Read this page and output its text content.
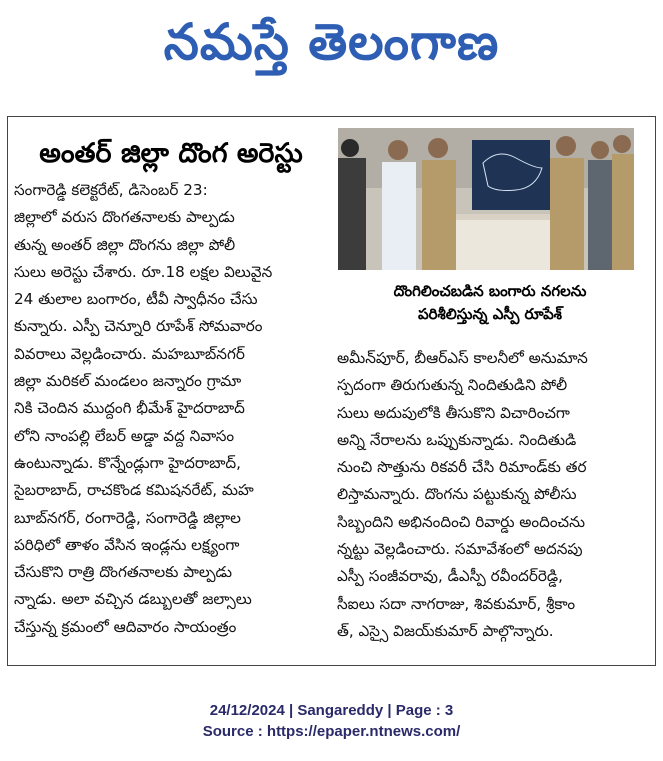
నమస్తే తెలంగాణ
అంతర్ జిల్లా దొంగ అరెస్టు
సంగారెడ్డి కలెక్టరేట్, డిసెంబర్ 23:
జిల్లాలో వరుస దొంగతనాలకు పాల్పడు
తున్న అంతర్ జిల్లా దొంగను జిల్లా పోలీ
సులు అరెస్టు చేశారు. రూ.18 లక్షల విలువైన
24 తులాల బంగారం, టీవీ స్వాధీనం చేసు
కున్నారు. ఎస్పీ చెన్నూరి రూపేశ్ సోమవారం
వివరాలు వెల్లడించారు. మహబూబ్‌నగర్
జిల్లా మరికల్ మండలం జన్నారం గ్రామా
నికి చెందిన ముద్దంగి భీమేశ్ హైదరాబాద్
లోని నాంపల్లి లేబర్ అడ్డా వద్ద నివాసం
ఉంటున్నాడు. కొన్నేండ్లుగా హైదరాబాద్,
సైబరాబాద్, రాచకొండ కమిషనరేట్, మహ
బూబ్‌నగర్, రంగారెడ్డి, సంగారెడ్డి జిల్లాల
పరిధిలో తాళం వేసిన ఇండ్లను లక్ష్యంగా
చేసుకొని రాత్రి దొంగతనాలకు పాల్పడు
న్నాడు. అలా వచ్చిన డబ్బులతో జల్సాలు
చేస్తున్న క్రమంలో ఆదివారం సాయంత్రం
దొంగిలించబడిన బంగారు నగలను
పరిశీలిస్తున్న ఎస్పీ రూపేశ్
అమీన్‌పూర్, బీఆర్ఎస్ కాలనీలో అనుమాన
స్పదంగా తిరుగుతున్న నిందితుడిని పోలీ
సులు అదుపులోకి తీసుకొని విచారించగా
అన్ని నేరాలను ఒప్పుకున్నాడు. నిందితుడి
నుంచి సొత్తును రికవరీ చేసి రిమాండ్‌కు తర
లిస్తామన్నారు. దొంగను పట్టుకున్న పోలీసు
సిబ్బందిని అభినందించి రివార్డు అందించను
న్నట్టు వెల్లడించారు. సమావేశంలో అదనపు
ఎస్పీ సంజీవరావు, డీఎస్పీ రవీందర్‌రెడ్డి,
సీఐలు సదా నాగరాజు, శివకుమార్, శ్రీకాం
త్, ఎస్సై విజయ్‌కుమార్ పాల్గొన్నారు.
24/12/2024 | Sangareddy | Page : 3
Source : https://epaper.ntnews.com/
